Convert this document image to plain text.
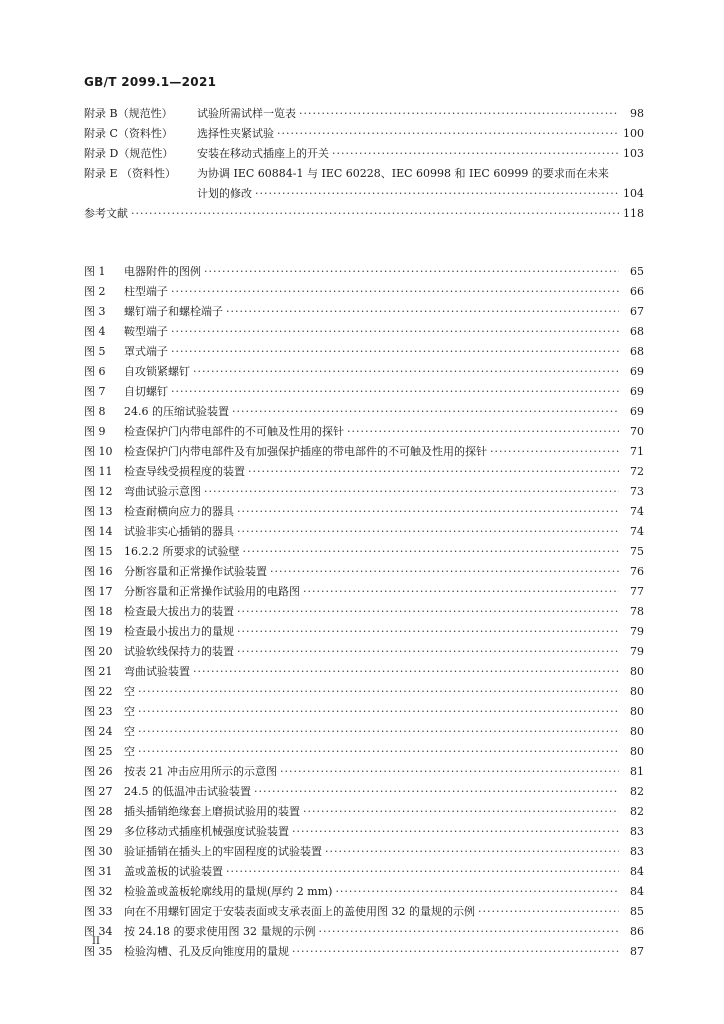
GB/T 2099.1—2021
附录 B（规范性）	试验所需试样一览表 ·····	98
附录 C（资料性）	选择性夹紧试验 ·····	100
附录 D（规范性）	安装在移动式插座上的开关 ·····	103
附录 E （资料性）	为协调 IEC 60884-1 与 IEC 60228、IEC 60998 和 IEC 60999 的要求而在未来
计划的修改 ·····	104
参考文献 ·····	118
图 1	电器附件的图例 ·····	65
图 2	柱型端子 ·····	66
图 3	螺钉端子和螺栓端子 ·····	67
图 4	鞍型端子 ·····	68
图 5	罩式端子 ·····	68
图 6	自攻锁紧螺钉 ·····	69
图 7	自切螺钉 ·····	69
图 8	24.6 的压缩试验装置 ·····	69
图 9	检查保护门内带电部件的不可触及性用的探针 ·····	70
图 10	检查保护门内带电部件及有加强保护插座的带电部件的不可触及性用的探针 ·····	71
图 11	检查导线受损程度的装置 ·····	72
图 12	弯曲试验示意图 ·····	73
图 13	检查耐横向应力的器具 ·····	74
图 14	试验非实心插销的器具 ·····	74
图 15	16.2.2 所要求的试验壁 ·····	75
图 16	分断容量和正常操作试验装置 ·····	76
图 17	分断容量和正常操作试验用的电路图 ·····	77
图 18	检查最大拔出力的装置 ·····	78
图 19	检查最小拔出力的量规 ·····	79
图 20	试验软线保持力的装置 ·····	79
图 21	弯曲试验装置 ·····	80
图 22	空 ·····	80
图 23	空 ·····	80
图 24	空 ·····	80
图 25	空 ·····	80
图 26	按表 21 冲击应用所示的示意图 ·····	81
图 27	24.5 的低温冲击试验装置 ·····	82
图 28	插头插销绝缘套上磨损试验用的装置 ·····	82
图 29	多位移动式插座机械强度试验装置 ·····	83
图 30	验证插销在插头上的牢固程度的试验装置 ·····	83
图 31	盖或盖板的试验装置 ·····	84
图 32	检验盖或盖板轮廓线用的量规(厚约 2 mm) ·····	84
图 33	向在不用螺钉固定于安装表面或支承表面上的盖使用图 32 的量规的示例 ·····	85
图 34	按 24.18 的要求使用图 32 量规的示例 ·····	86
图 35	检验沟槽、孔及反向锥度用的量规 ·····	87
II
